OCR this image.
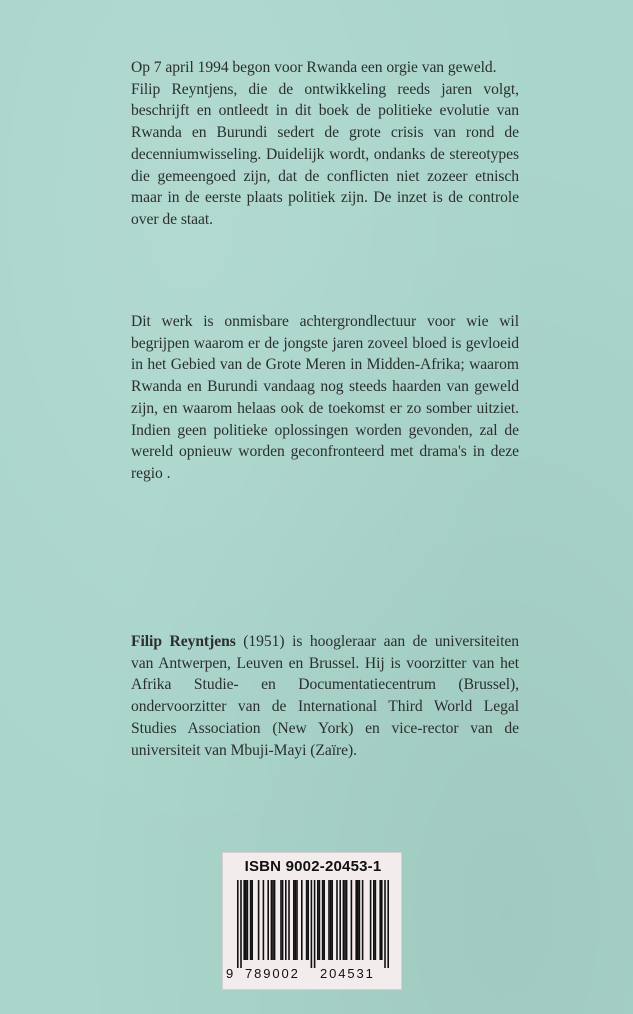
Op 7 april 1994 begon voor Rwanda een orgie van geweld.

Filip Reyntjens, die de ontwikkeling reeds jaren volgt, beschrijft en ontleedt in dit boek de politieke evolutie van Rwanda en Burundi sedert de grote crisis van rond de decenniumwisseling. Duidelijk wordt, ondanks de stereotypes die gemeengoed zijn, dat de conflicten niet zozeer etnisch maar in de eerste plaats politiek zijn. De inzet is de controle over de staat.

Dit werk is onmisbare achtergrondlectuur voor wie wil begrijpen waarom er de jongste jaren zoveel bloed is gevloeid in het Gebied van de Grote Meren in Midden-Afrika; waarom Rwanda en Burundi vandaag nog steeds haarden van geweld zijn, en waarom helaas ook de toekomst er zo somber uitziet. Indien geen politieke oplossingen worden gevonden, zal de wereld opnieuw worden geconfronteerd met drama's in deze regio .

Filip Reyntjens (1951) is hoogleraar aan de universiteiten van Antwerpen, Leuven en Brussel. Hij is voorzitter van het Afrika Studie- en Documentatiecentrum (Brussel), ondervoorzitter van de International Third World Legal Studies Association (New York) en vice-rector van de universiteit van Mbuji-Mayi (Zaïre).

ISBN 9002-20453-1
9 789002 204531
